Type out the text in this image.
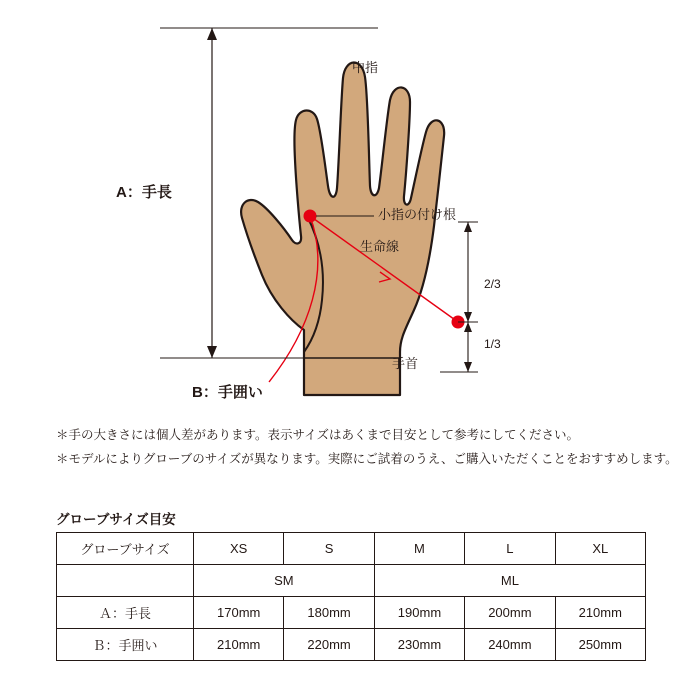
中指
小指の付け根
生命線
手首
A：手長
B：手囲い
2/3
1/3
＊手の大きさには個人差があります。表示サイズはあくまで目安として参考にしてください。
＊モデルによりグローブのサイズが異なります。実際にご試着のうえ、ご購入いただくことをおすすめします。
グローブサイズ目安
グローブサイズ	XS	S	M	L	XL
	SM		ML		
Ａ：手長	170mm	180mm	190mm	200mm	210mm
Ｂ：手囲い	210mm	220mm	230mm	240mm	250mm
